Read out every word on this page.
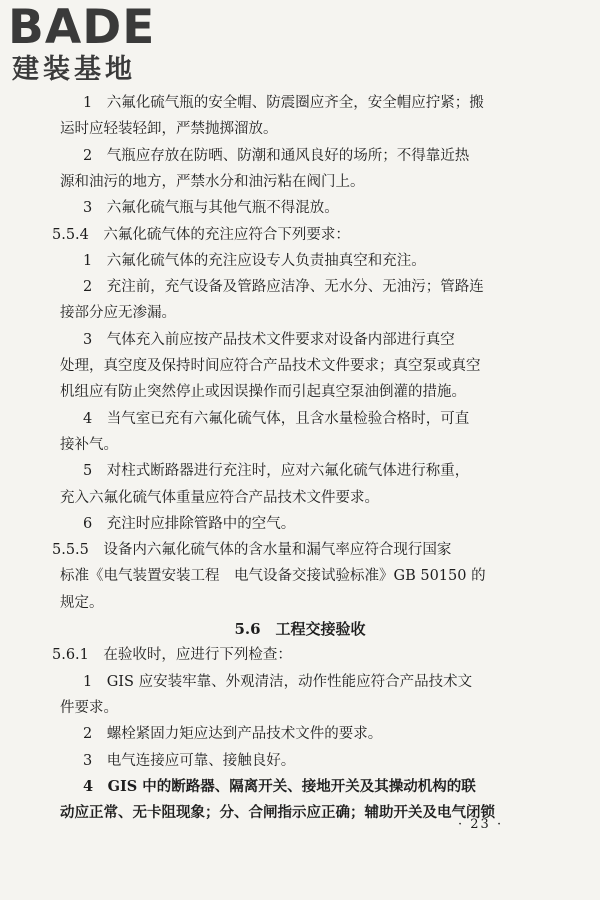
BADE
建装基地
1　六氟化硫气瓶的安全帽、防震圈应齐全，安全帽应拧紧；搬
运时应轻装轻卸，严禁抛掷溜放。
2　气瓶应存放在防晒、防潮和通风良好的场所；不得靠近热
源和油污的地方，严禁水分和油污粘在阀门上。
3　六氟化硫气瓶与其他气瓶不得混放。
5.5.4　六氟化硫气体的充注应符合下列要求：
1　六氟化硫气体的充注应设专人负责抽真空和充注。
2　充注前，充气设备及管路应洁净、无水分、无油污；管路连
接部分应无渗漏。
3　气体充入前应按产品技术文件要求对设备内部进行真空
处理，真空度及保持时间应符合产品技术文件要求；真空泵或真空
机组应有防止突然停止或因误操作而引起真空泵油倒灌的措施。
4　当气室已充有六氟化硫气体，且含水量检验合格时，可直
接补气。
5　对柱式断路器进行充注时，应对六氟化硫气体进行称重，
充入六氟化硫气体重量应符合产品技术文件要求。
6　充注时应排除管路中的空气。
5.5.5　设备内六氟化硫气体的含水量和漏气率应符合现行国家
标准《电气装置安装工程　电气设备交接试验标准》GB 50150 的
规定。
5.6　工程交接验收
5.6.1　在验收时，应进行下列检查：
· 23 ·
1　GIS 应安装牢靠、外观清洁，动作性能应符合产品技术文
件要求。
2　螺栓紧固力矩应达到产品技术文件的要求。
3　电气连接应可靠、接触良好。
4　GIS 中的断路器、隔离开关、接地开关及其操动机构的联
动应正常、无卡阻现象；分、合闸指示应正确；辅助开关及电气闭锁
